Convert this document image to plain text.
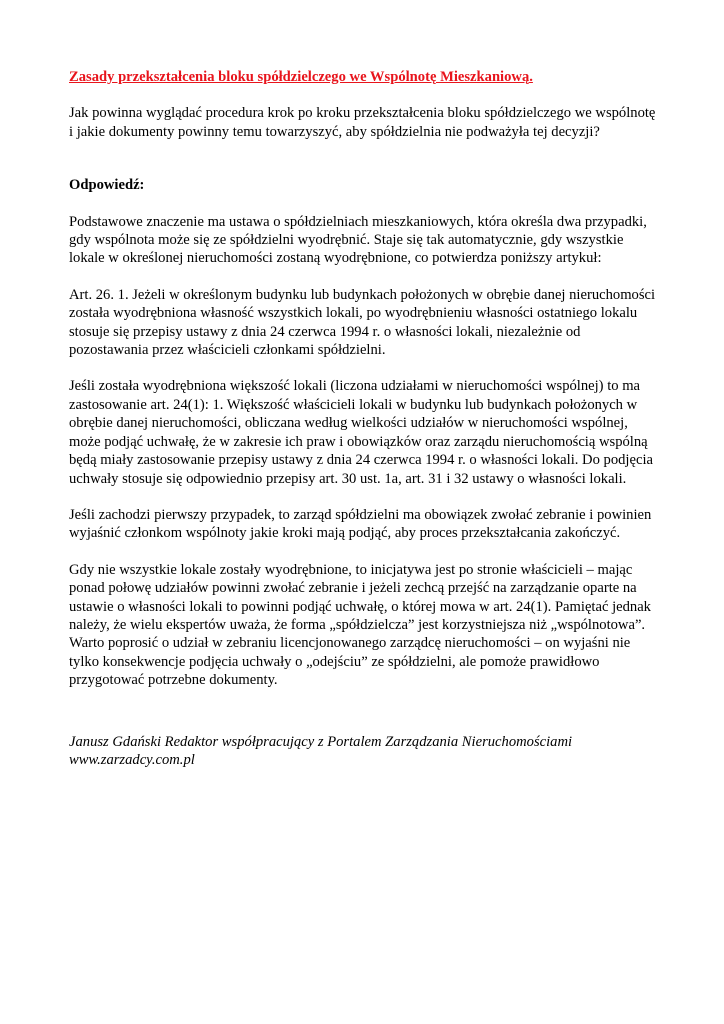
Zasady przekształcenia bloku spółdzielczego we Wspólnotę Mieszkaniową.

Jak powinna wyglądać procedura krok po kroku przekształcenia bloku spółdzielczego we wspólnotę i jakie dokumenty powinny temu towarzyszyć, aby spółdzielnia nie podważyła tej decyzji?

Odpowiedź:

Podstawowe znaczenie ma ustawa o spółdzielniach mieszkaniowych, która określa dwa przypadki, gdy wspólnota może się ze spółdzielni wyodrębnić. Staje się tak automatycznie, gdy wszystkie lokale w określonej nieruchomości zostaną wyodrębnione, co potwierdza poniższy artykuł:

Art. 26. 1. Jeżeli w określonym budynku lub budynkach położonych w obrębie danej nieruchomości została wyodrębniona własność wszystkich lokali, po wyodrębnieniu własności ostatniego lokalu stosuje się przepisy ustawy z dnia 24 czerwca 1994 r. o własności lokali, niezależnie od pozostawania przez właścicieli członkami spółdzielni.

Jeśli została wyodrębniona większość lokali (liczona udziałami w nieruchomości wspólnej) to ma zastosowanie art. 24(1): 1. Większość właścicieli lokali w budynku lub budynkach położonych w obrębie danej nieruchomości, obliczana według wielkości udziałów w nieruchomości wspólnej, może podjąć uchwałę, że w zakresie ich praw i obowiązków oraz zarządu nieruchomością wspólną będą miały zastosowanie przepisy ustawy z dnia 24 czerwca 1994 r. o własności lokali. Do podjęcia uchwały stosuje się odpowiednio przepisy art. 30 ust. 1a, art. 31 i 32 ustawy o własności lokali.

Jeśli zachodzi pierwszy przypadek, to zarząd spółdzielni ma obowiązek zwołać zebranie i powinien wyjaśnić członkom wspólnoty jakie kroki mają podjąć, aby proces przekształcania zakończyć.

Gdy nie wszystkie lokale zostały wyodrębnione, to inicjatywa jest po stronie właścicieli – mając ponad połowę udziałów powinni zwołać zebranie i jeżeli zechcą przejść na zarządzanie oparte na ustawie o własności lokali to powinni podjąć uchwałę, o której mowa w art. 24(1). Pamiętać jednak należy, że wielu ekspertów uważa, że forma „spółdzielcza” jest korzystniejsza niż „wspólnotowa”. Warto poprosić o udział w zebraniu licencjonowanego zarządcę nieruchomości – on wyjaśni nie tylko konsekwencje podjęcia uchwały o „odejściu” ze spółdzielni, ale pomoże prawidłowo przygotować potrzebne dokumenty.

Janusz Gdański Redaktor współpracujący z Portalem Zarządzania Nieruchomościami
www.zarzadcy.com.pl
